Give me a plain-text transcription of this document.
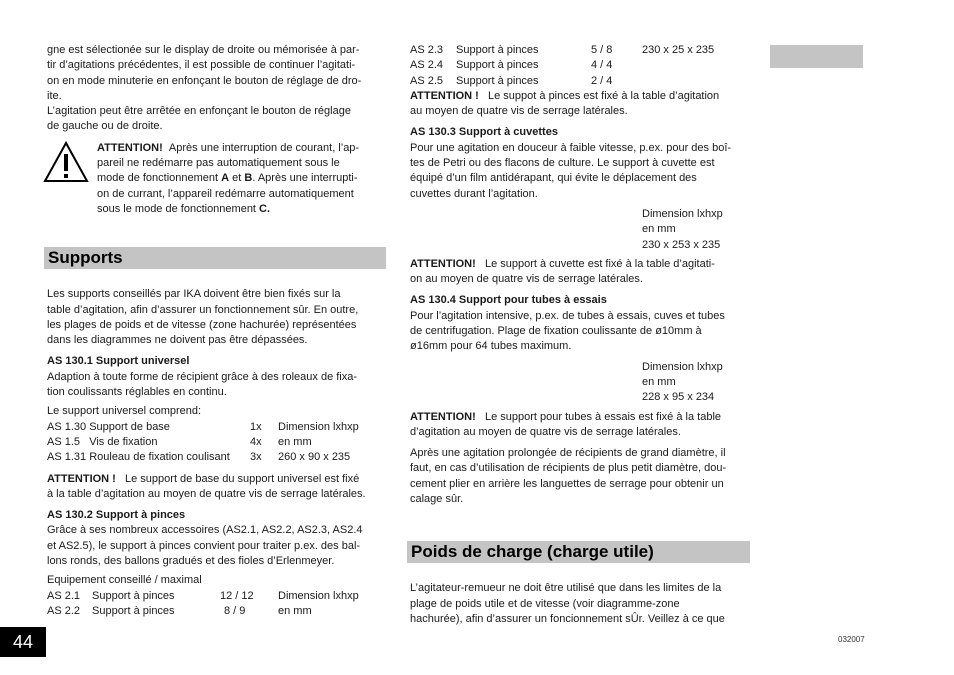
gne est sélectionée sur le display de droite ou mémorisée à par-

tir d’agitations précédentes, il est possible de continuer l’agitati-

on en mode minuterie en enfonçant le bouton de réglage de dro-

ite.

L’agitation peut être arrêtée en enfonçant le bouton de réglage

de gauche ou de droite.

ATTENTION! Après une interruption de courant, l’ap-

pareil ne redémarre pas automatiquement sous le

mode de fonctionnement A et B. Après une interrupti-

on de currant, l’appareil redémarre automatiquement

sous le mode de fonctionnement C.

Supports

Les supports conseillés par IKA doivent être bien fixés sur la

table d’agitation, afin d’assurer un fonctionnement sûr. En outre,

les plages de poids et de vitesse (zone hachurée) représentées

dans les diagrammes ne doivent pas être dépassées.

AS 130.1 Support universel

Adaption à toute forme de récipient grâce à des roleaux de fixa-

tion coulissants réglables en continu.

Le support universel comprend:

AS 1.30 Support de base	1x	Dimension lxhxp
AS 1.5   Vis de fixation	4x	en mm
AS 1.31 Rouleau de fixation coulisant	3x	260 x 90 x 235

ATTENTION ! Le support de base du support universel est fixé

à la table d’agitation au moyen de quatre vis de serrage latérales.

AS 130.2 Support à pinces

Grâce à ses nombreux accessoires (AS2.1, AS2.2, AS2.3, AS2.4

et AS2.5), le support à pinces convient pour traiter p.ex. des bal-

lons ronds, des ballons gradués et des fioles d’Erlenmeyer.

Equipement conseillé / maximal

AS 2.1	Support à pinces	12 / 12	Dimension lxhxp
AS 2.2	Support à pinces	8 / 9	en mm
AS 2.3	Support à pinces	5 / 8	230 x 25 x 235
AS 2.4	Support à pinces	4 / 4
AS 2.5	Support à pinces	2 / 4

ATTENTION ! Le suppot à pinces est fixé à la table d’agitation

au moyen de quatre vis de serrage latérales.

AS 130.3 Support à cuvettes

Pour une agitation en douceur à faible vitesse, p.ex. pour des boî-

tes de Petri ou des flacons de culture. Le support à cuvette est

équipé d’un film antidérapant, qui évite le déplacement des

cuvettes durant l’agitation.

Dimension lxhxp

en mm

230 x 253 x 235

ATTENTION! Le support à cuvette est fixé à la table d’agitati-

on au moyen de quatre vis de serrage latérales.

AS 130.4 Support pour tubes à essais

Pour l’agitation intensive, p.ex. de tubes à essais, cuves et tubes

de centrifugation. Plage de fixation coulissante de ø10mm à

ø16mm pour 64 tubes maximum.

Dimension lxhxp

en mm

228 x 95 x 234

ATTENTION! Le support pour tubes à essais est fixé à la table

d’agitation au moyen de quatre vis de serrage latérales.

Après une agitation prolongée de récipients de grand diamètre, il

faut, en cas d’utilisation de récipients de plus petit diamètre, dou-

cement plier en arrière les languettes de serrage pour obtenir un

calage sûr.

Poids de charge (charge utile)

L’agitateur-remueur ne doit être utilisé que dans les limites de la

plage de poids utile et de vitesse (voir diagramme-zone

hachurée), afin d’assurer un foncionnement sÛr. Veillez à ce que

44	032007
